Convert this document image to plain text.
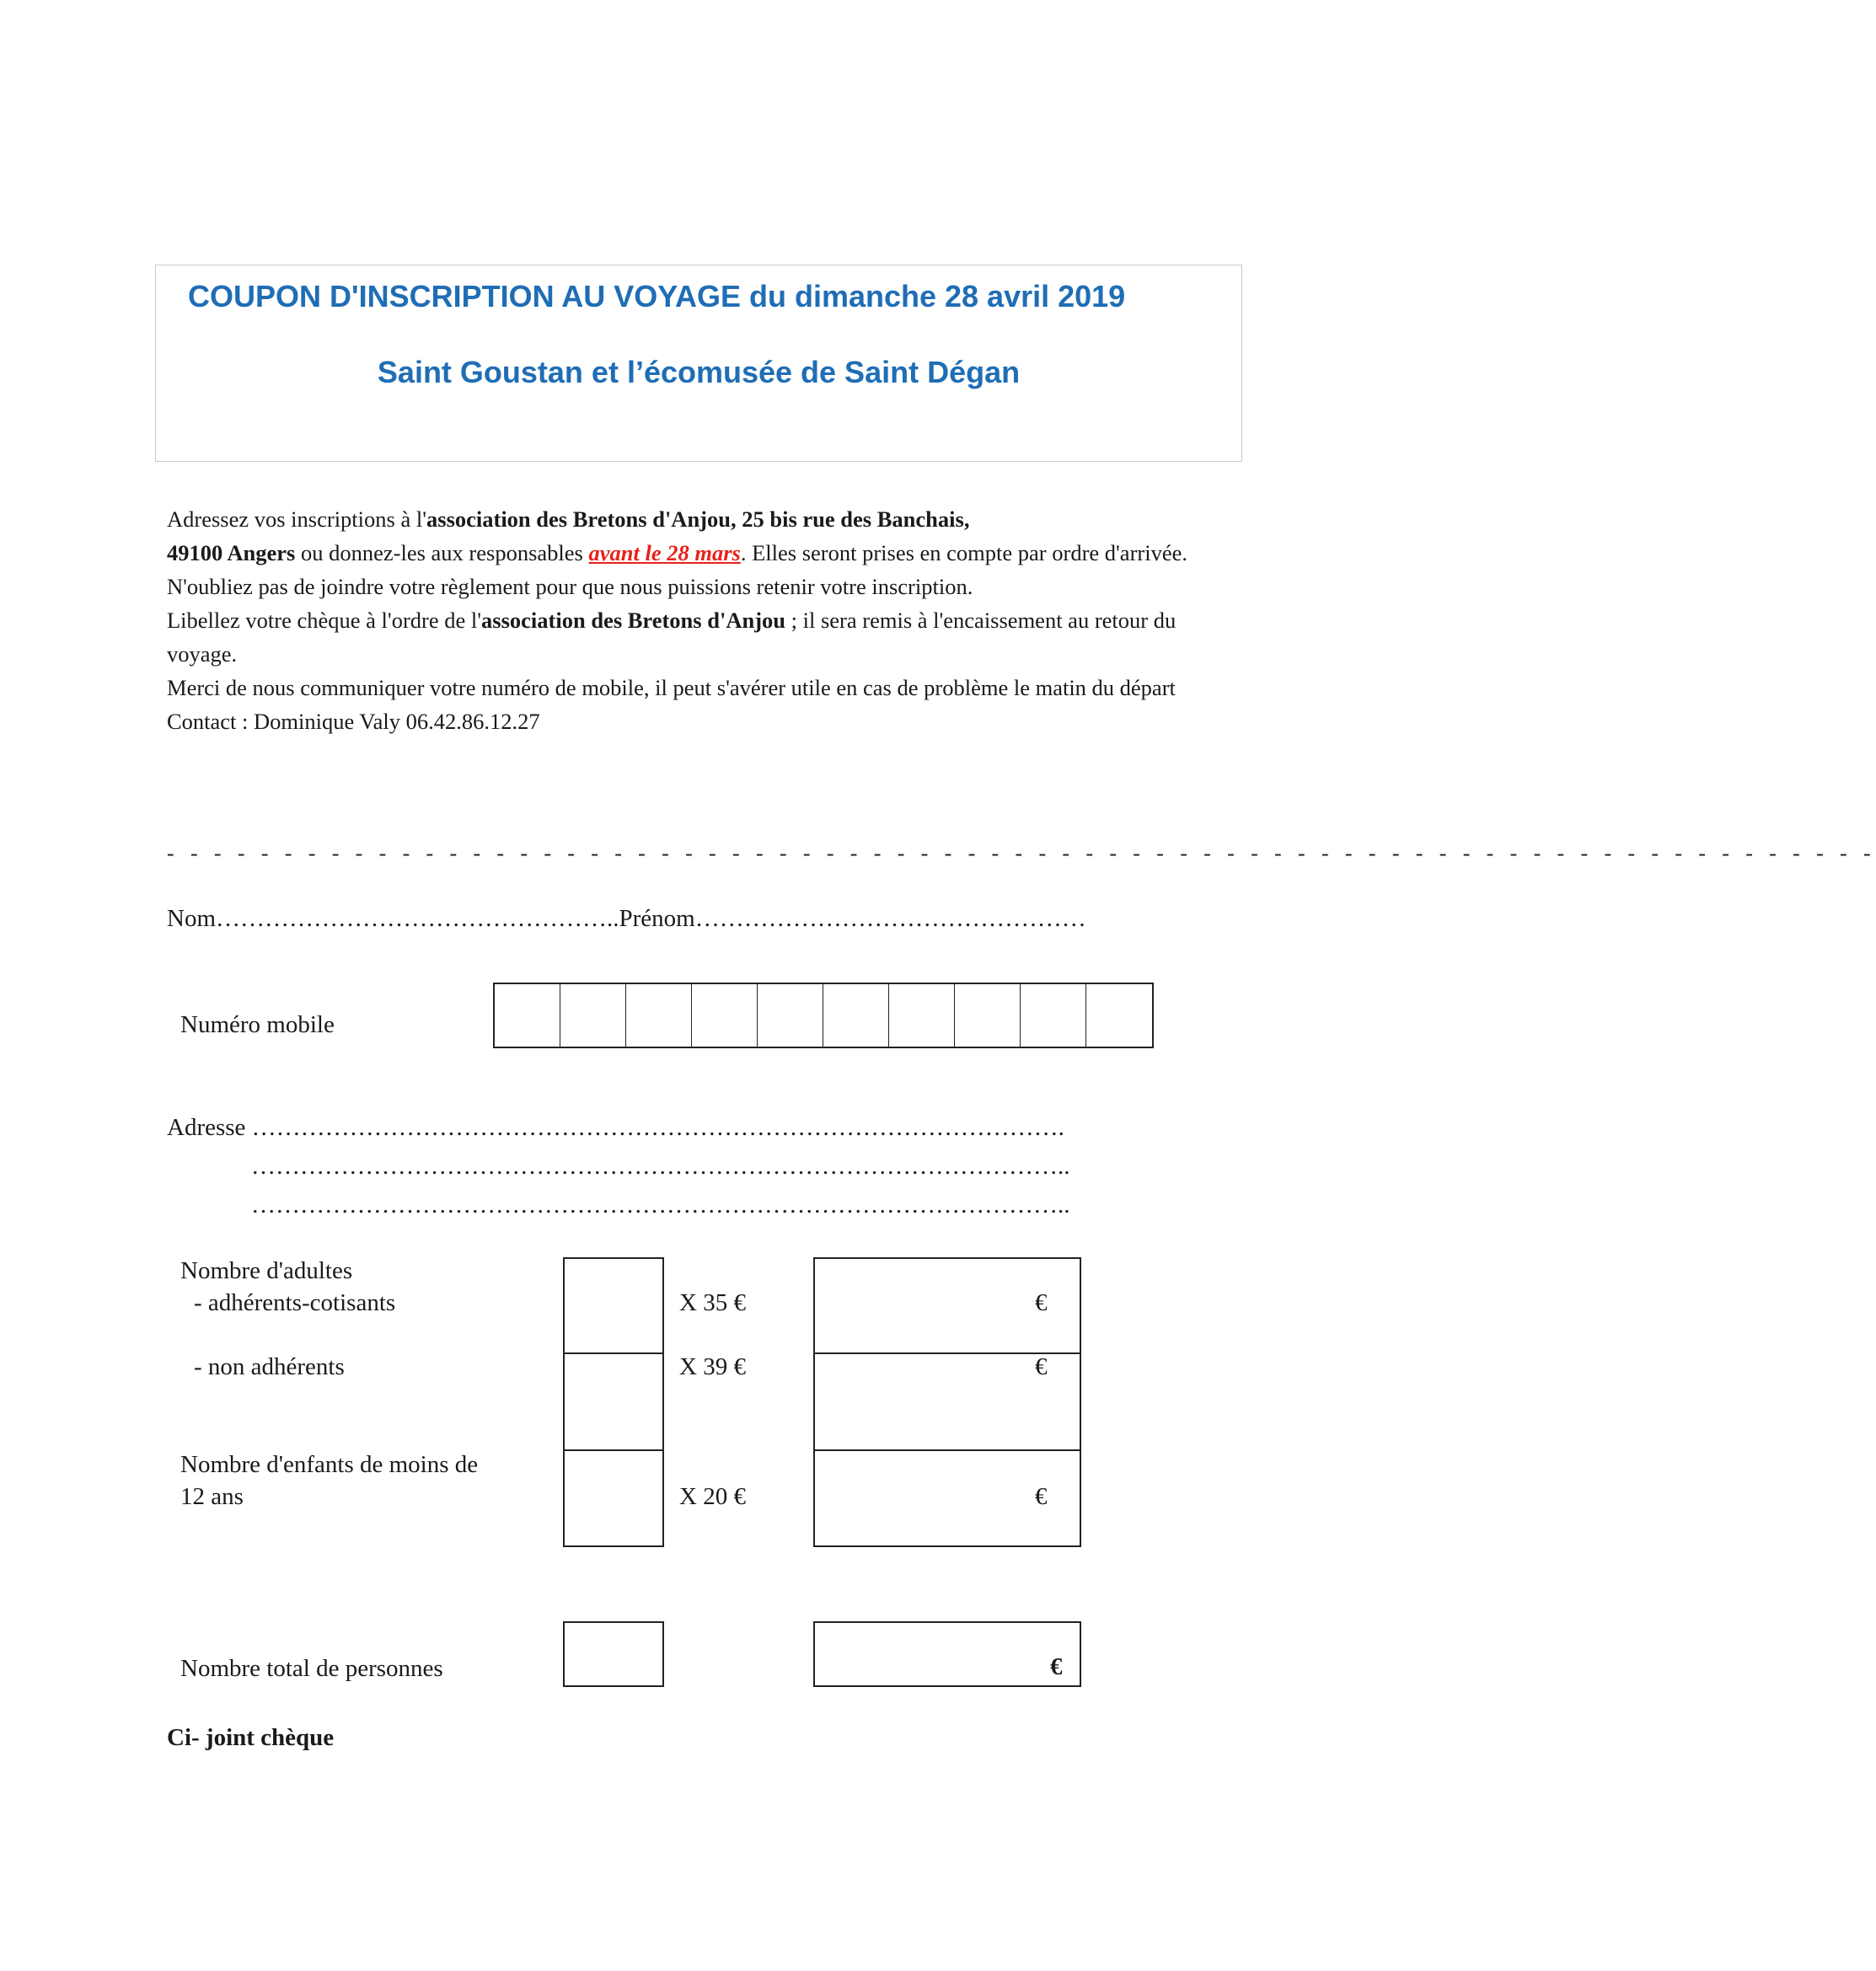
COUPON D'INSCRIPTION AU VOYAGE du dimanche 28 avril 2019
Saint Goustan et l’écomusée de Saint Dégan

Adressez vos inscriptions à l'association des Bretons d'Anjou, 25 bis rue des Banchais,
49100 Angers ou donnez-les aux responsables avant le 28 mars. Elles seront prises en compte par ordre d'arrivée.

N'oubliez pas de joindre votre règlement pour que nous puissions retenir votre inscription.

Libellez votre chèque à l'ordre de l'association des Bretons d'Anjou ; il sera remis à l'encaissement au retour du voyage.

Merci de nous communiquer votre numéro de mobile, il peut s'avérer utile en cas de problème le matin du départ

Contact : Dominique Valy 06.42.86.12.27

- - - - - - - - - - - - - - - - - - - - - - - - - - - - - - - - - - - - - - - - - - - - - - - - - - - - - - - - - - - - - - - - - - - - - - - - -
Nom…………………………………………..Prénom…………………………………………
Numéro mobile
Adresse ……………………………………………………………………………………….
………………………………………………………………………………………..
………………………………………………………………………………………..
Nombre d'adultes
- adhérents-cotisants
- non adhérents
Nombre d'enfants de moins de
12 ans
X 35 €
X 39 €
X 20 €
€
€
€
Nombre total de personnes	€
Ci- joint chèque
